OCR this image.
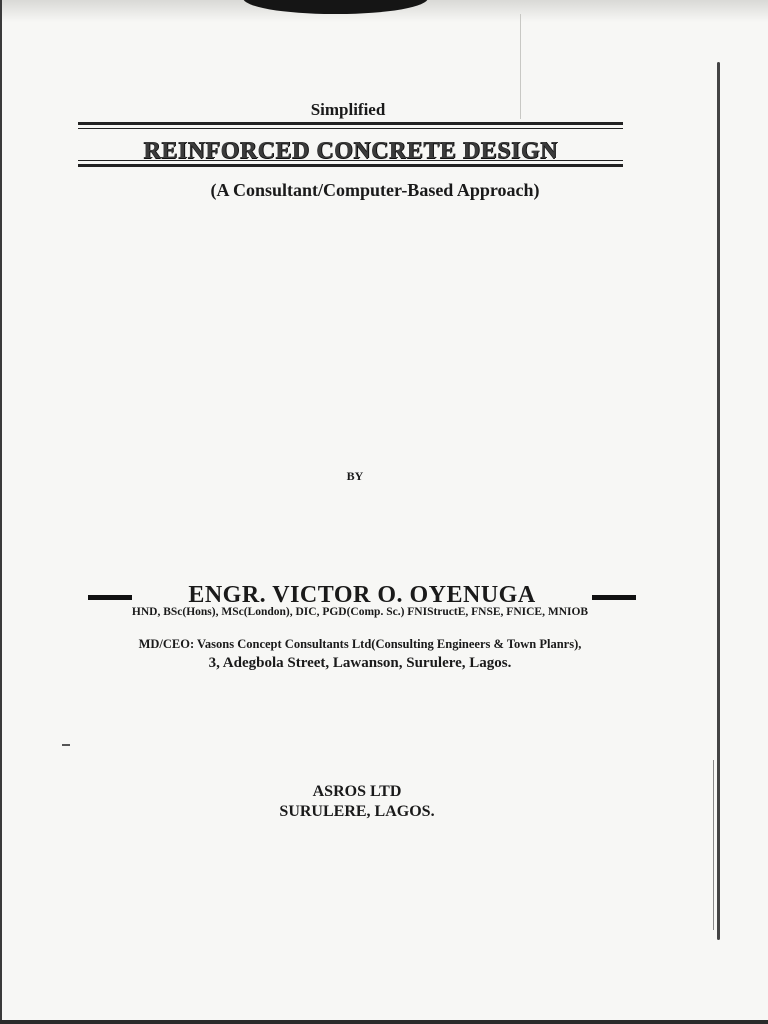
Simplified
REINFORCED CONCRETE DESIGN
(A Consultant/Computer-Based Approach)
BY
ENGR. VICTOR O. OYENUGA
HND, BSc(Hons), MSc(London), DIC, PGD(Comp. Sc.) FNIStructE, FNSE, FNICE, MNIOB
MD/CEO: Vasons Concept Consultants Ltd(Consulting Engineers & Town Planrs),
3, Adegbola Street, Lawanson, Surulere, Lagos.
ASROS LTD
SURULERE, LAGOS.
